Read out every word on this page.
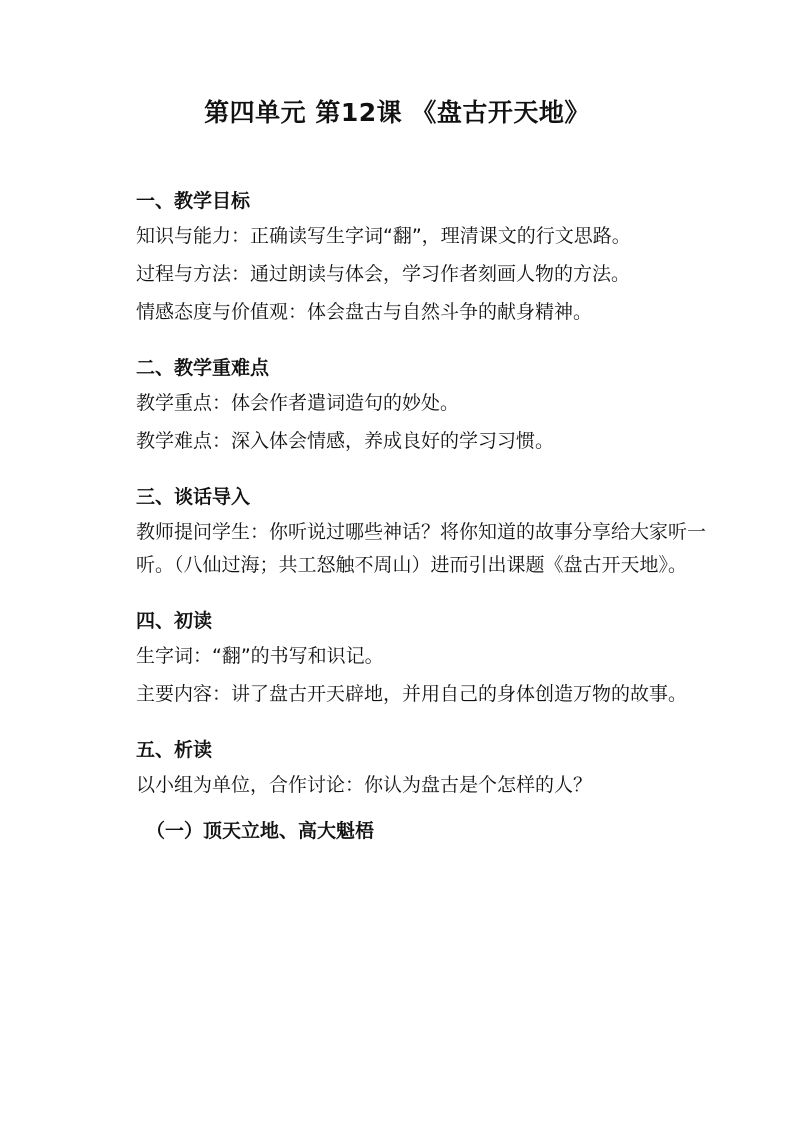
第四单元 第12课 《盘古开天地》
一、教学目标
知识与能力：正确读写生字词“翻”，理清课文的行文思路。
过程与方法：通过朗读与体会，学习作者刻画人物的方法。
情感态度与价值观：体会盘古与自然斗争的献身精神。
二、教学重难点
教学重点：体会作者遣词造句的妙处。
教学难点：深入体会情感，养成良好的学习习惯。
三、谈话导入
教师提问学生：你听说过哪些神话？将你知道的故事分享给大家听一听。（八仙过海；共工怒触不周山）进而引出课题《盘古开天地》。
四、初读
生字词：“翻”的书写和识记。
主要内容：讲了盘古开天辟地，并用自己的身体创造万物的故事。
五、析读
以小组为单位，合作讨论：你认为盘古是个怎样的人？
（一）顶天立地、高大魁梧
